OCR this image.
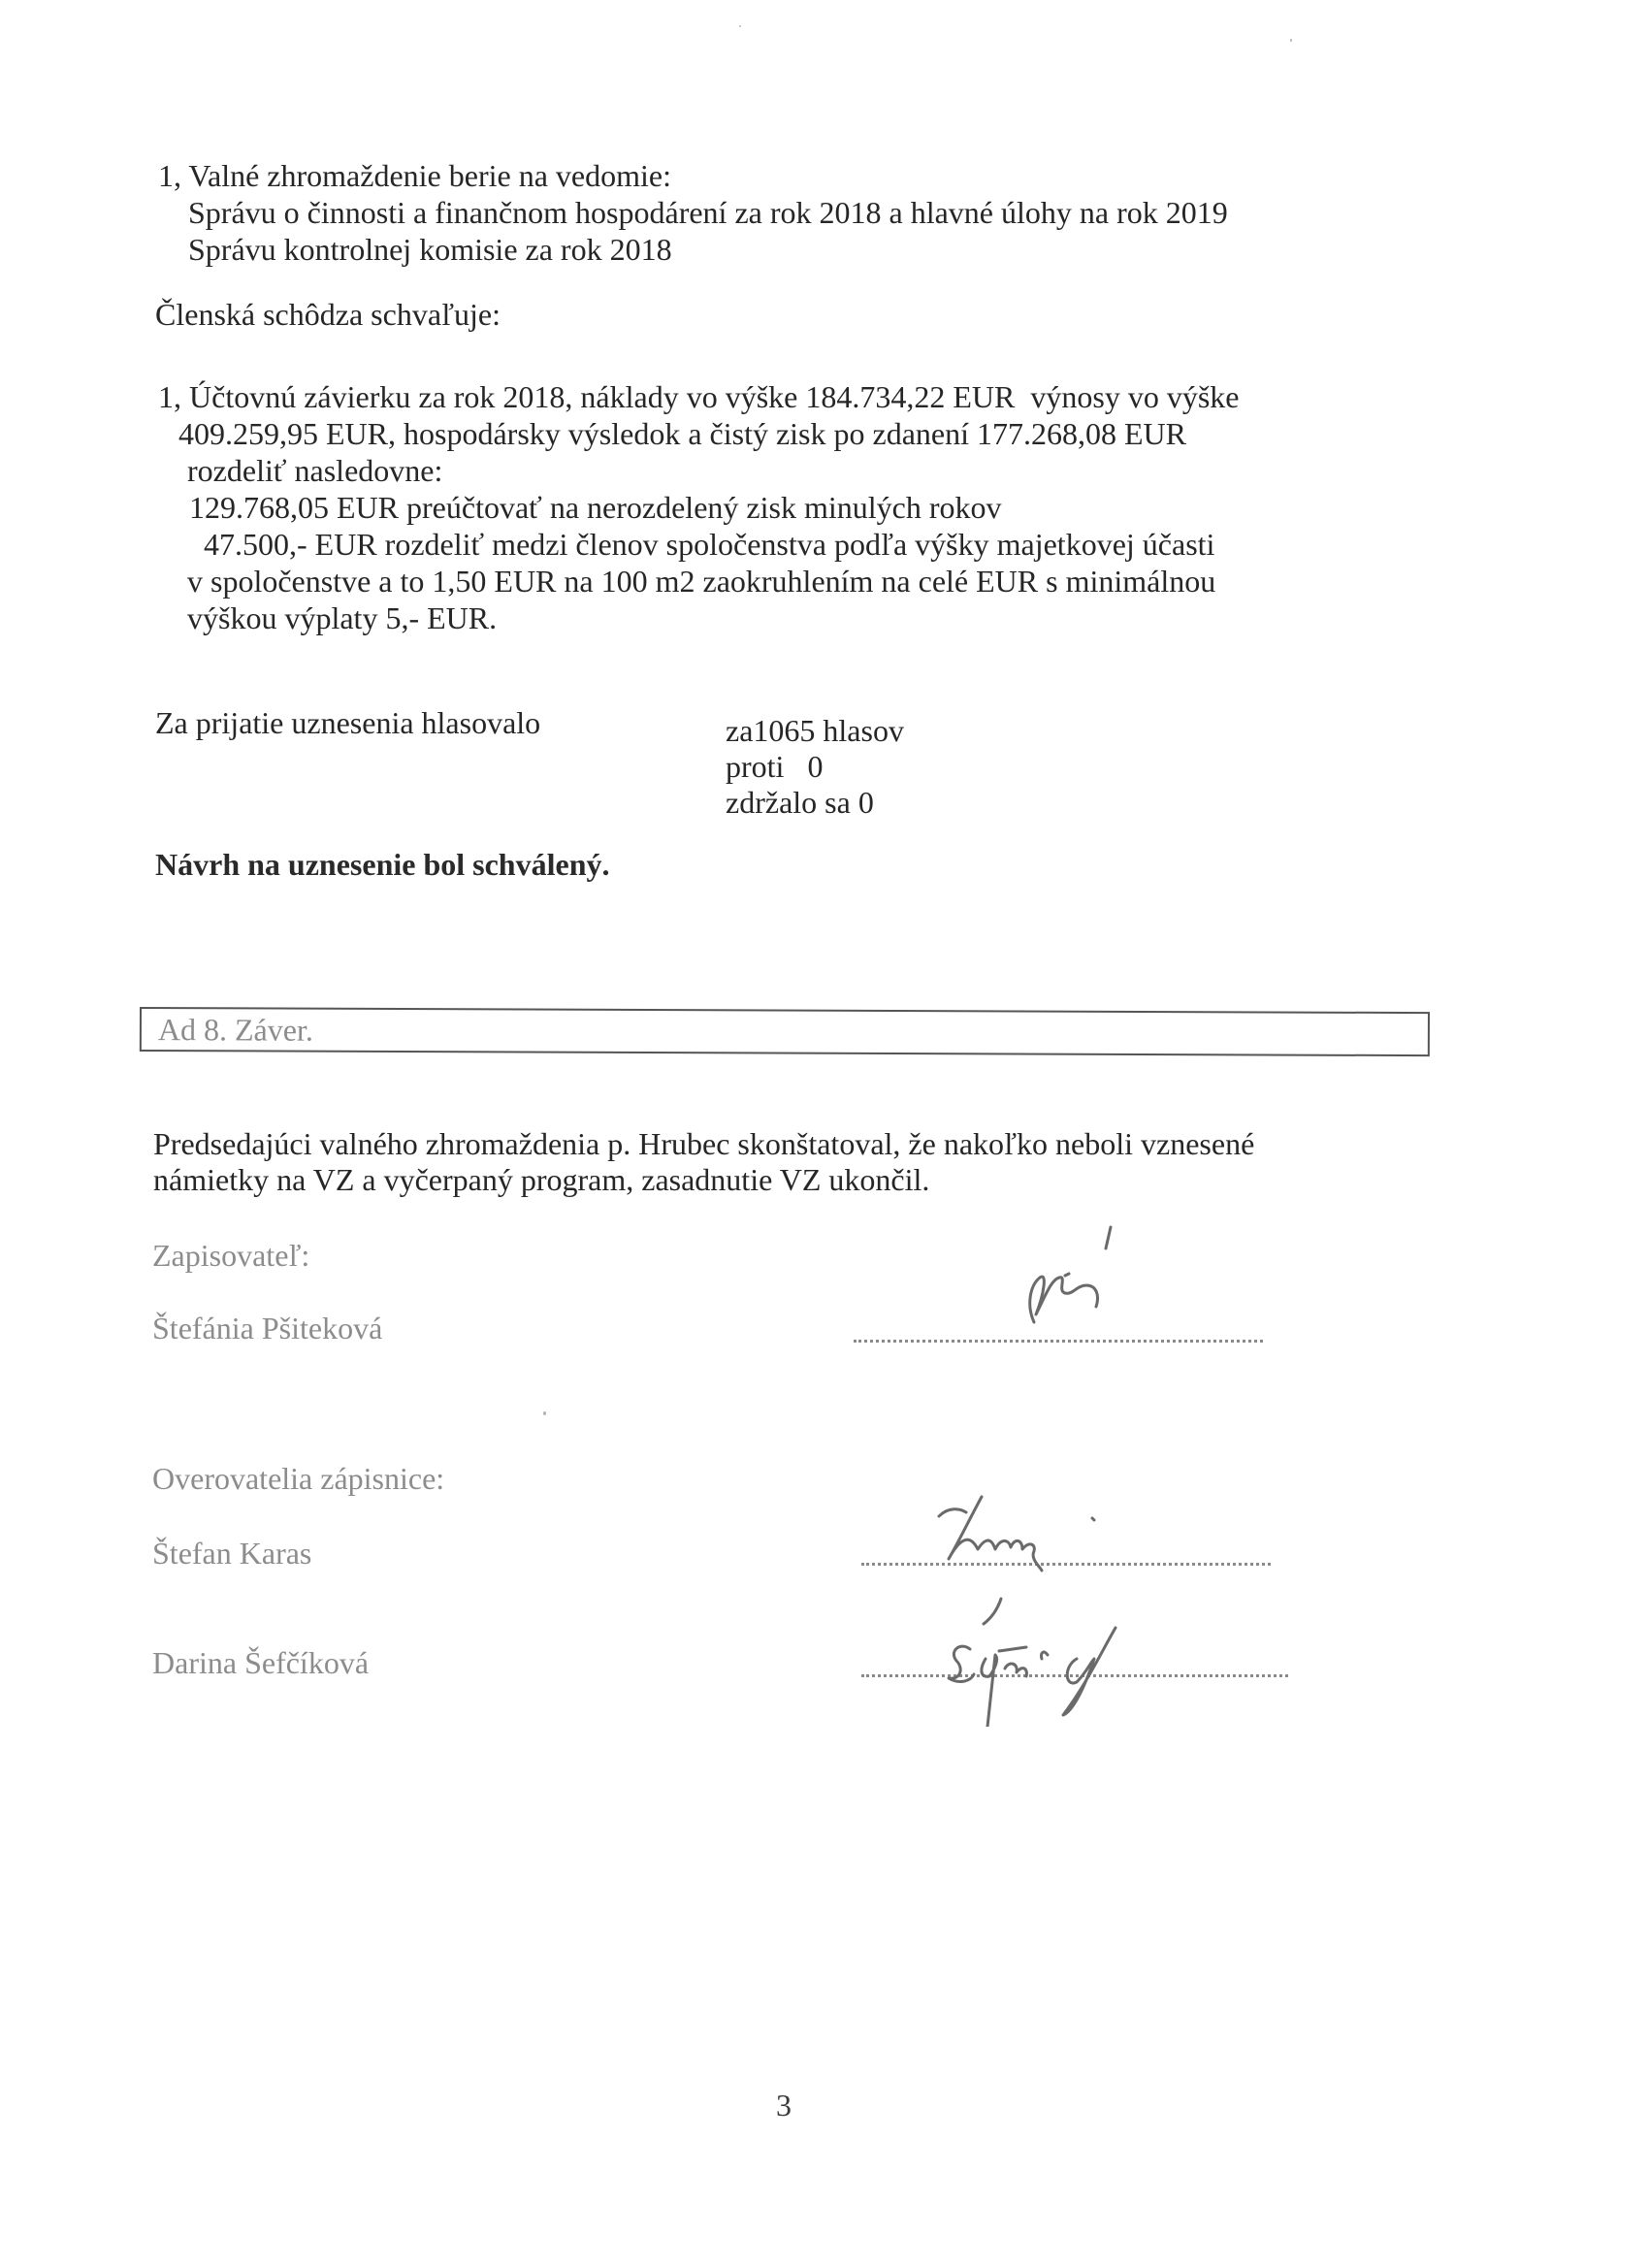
1, Valné zhromaždenie berie na vedomie:
Správu o činnosti a finančnom hospodárení za rok 2018 a hlavné úlohy na rok 2019
Správu kontrolnej komisie za rok 2018
Členská schôdza schvaľuje:
1, Účtovnú závierku za rok 2018, náklady vo výške 184.734,22 EUR  výnosy vo výške
409.259,95 EUR, hospodársky výsledok a čistý zisk po zdanení 177.268,08 EUR
rozdeliť nasledovne:
129.768,05 EUR preúčtovať na nerozdelený zisk minulých rokov
47.500,- EUR rozdeliť medzi členov spoločenstva podľa výšky majetkovej účasti
v spoločenstve a to 1,50 EUR na 100 m2 zaokruhlením na celé EUR s minimálnou
výškou výplaty 5,- EUR.
Za prijatie uznesenia hlasovalo	za1065 hlasov
proti   0
zdržalo sa 0
Návrh na uznesenie bol schválený.
Ad 8. Záver.
Predsedajúci valného zhromaždenia p. Hrubec skonštatoval, že nakoľko neboli vznesené
námietky na VZ a vyčerpaný program, zasadnutie VZ ukončil.
Zapisovateľ:
Štefánia Pšiteková
Overovatelia zápisnice:
Štefan Karas
Darina Šefčíková
3
